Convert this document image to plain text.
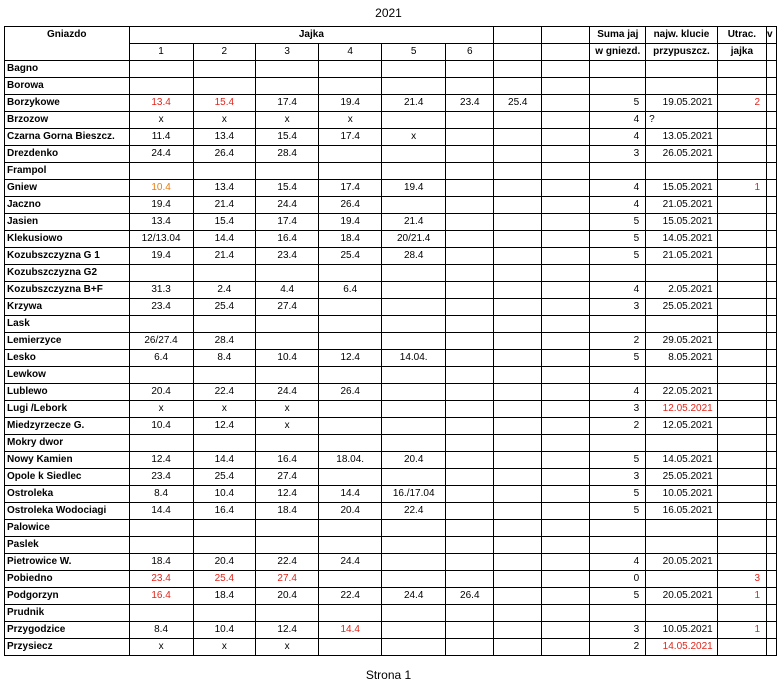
2021
Gniazdo	Jajka								Suma jaj	najw. klucie	Utrac.	v
	1	2	3	4	5	6			w gniezd.	przypuszcz.	jajka	
Bagno												
Borowa												
Borzykowe	13.4	15.4	17.4	19.4	21.4	23.4	25.4		5	19.05.2021	2	
Brzozow	x	x	x	x					4	?		
Czarna Gorna Bieszcz.	11.4	13.4	15.4	17.4	x				4	13.05.2021		
Drezdenko	24.4	26.4	28.4						3	26.05.2021		
Frampol												
Gniew	10.4	13.4	15.4	17.4	19.4				4	15.05.2021	1	
Jaczno	19.4	21.4	24.4	26.4					4	21.05.2021		
Jasien	13.4	15.4	17.4	19.4	21.4				5	15.05.2021		
Klekusiowo	12/13.04	14.4	16.4	18.4	20/21.4				5	14.05.2021		
Kozubszczyzna G 1	19.4	21.4	23.4	25.4	28.4				5	21.05.2021		
Kozubszczyzna G2												
Kozubszczyzna B+F	31.3	2.4	4.4	6.4					4	2.05.2021		
Krzywa	23.4	25.4	27.4						3	25.05.2021		
Lask												
Lemierzyce	26/27.4	28.4							2	29.05.2021		
Lesko	6.4	8.4	10.4	12.4	14.04.				5	8.05.2021		
Lewkow												
Lublewo	20.4	22.4	24.4	26.4					4	22.05.2021		
Lugi /Lebork	x	x	x						3	12.05.2021		
Miedzyrzecze G.	10.4	12.4	x						2	12.05.2021		
Mokry dwor												
Nowy Kamien	12.4	14.4	16.4	18.04.	20.4				5	14.05.2021		
Opole k Siedlec	23.4	25.4	27.4						3	25.05.2021		
Ostroleka	8.4	10.4	12.4	14.4	16./17.04				5	10.05.2021		
Ostroleka Wodociagi	14.4	16.4	18.4	20.4	22.4				5	16.05.2021		
Palowice												
Paslek												
Pietrowice W.	18.4	20.4	22.4	24.4					4	20.05.2021		
Pobiedno	23.4	25.4	27.4						0		3	
Podgorzyn	16.4	18.4	20.4	22.4	24.4	26.4			5	20.05.2021	1	
Prudnik												
Przygodzice	8.4	10.4	12.4	14.4					3	10.05.2021	1	
Przysiecz	x	x	x						2	14.05.2021		
Strona 1
